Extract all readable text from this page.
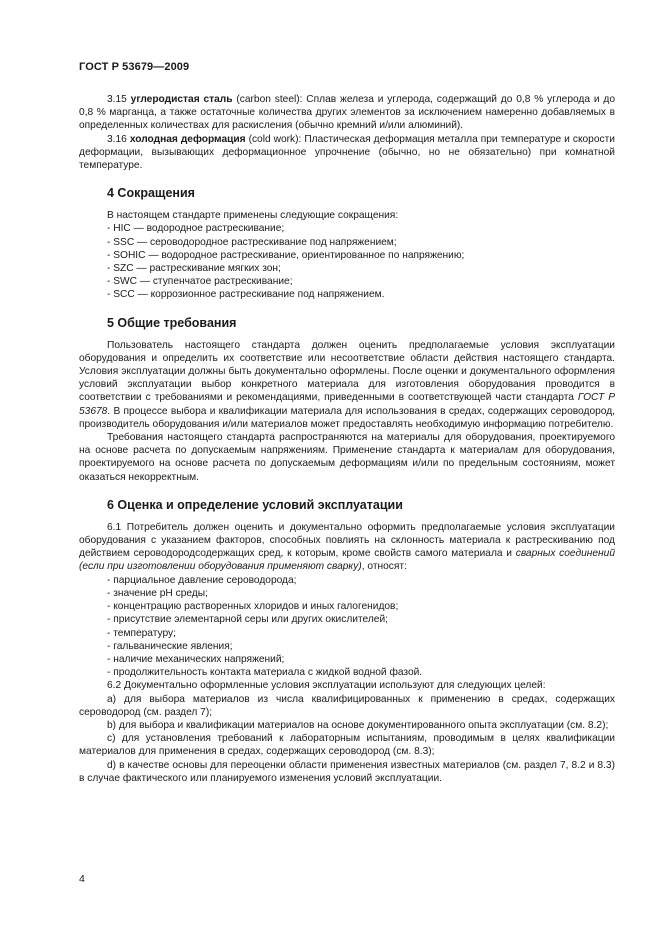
ГОСТ Р 53679—2009

3.15 углеродистая сталь (carbon steel): Сплав железа и углерода, содержащий до 0,8 % углерода и до 0,8 % марганца, а также остаточные количества других элементов за исключением намеренно добавляемых в определенных количествах для раскисления (обычно кремний и/или алюминий).

3.16 холодная деформация (cold work): Пластическая деформация металла при температуре и скорости деформации, вызывающих деформационное упрочнение (обычно, но не обязательно) при комнатной температуре.

4 Сокращения

В настоящем стандарте применены следующие сокращения:

- HIC — водородное растрескивание;
- SSC — сероводородное растрескивание под напряжением;
- SOHIC — водородное растрескивание, ориентированное по напряжению;
- SZC — растрескивание мягких зон;
- SWC — ступенчатое растрескивание;
- SCC — коррозионное растрескивание под напряжением.
5 Общие требования

Пользователь настоящего стандарта должен оценить предполагаемые условия эксплуатации оборудования и определить их соответствие или несоответствие области действия настоящего стандарта. Условия эксплуатации должны быть документально оформлены. После оценки и документального оформления условий эксплуатации выбор конкретного материала для изготовления оборудования проводится в соответствии с требованиями и рекомендациями, приведенными в соответствующей части стандарта ГОСТ Р 53678. В процессе выбора и квалификации материала для использования в средах, содержащих сероводород, производитель оборудования и/или материалов может предоставлять необходимую информацию потребителю.

Требования настоящего стандарта распространяются на материалы для оборудования, проектируемого на основе расчета по допускаемым напряжениям. Применение стандарта к материалам для оборудования, проектируемого на основе расчета по допускаемым деформациям и/или по предельным состояниям, может оказаться некорректным.

6 Оценка и определение условий эксплуатации

6.1 Потребитель должен оценить и документально оформить предполагаемые условия эксплуатации оборудования с указанием факторов, способных повлиять на склонность материала к растрескиванию под действием сероводородсодержащих сред, к которым, кроме свойств самого материала и сварных соединений (если при изготовлении оборудования применяют сварку), относят:

- парциальное давление сероводорода;
- значение рН среды;
- концентрацию растворенных хлоридов и иных галогенидов;
- присутствие элементарной серы или других окислителей;
- температуру;
- гальванические явления;
- наличие механических напряжений;
- продолжительность контакта материала с жидкой водной фазой.

6.2 Документально оформленные условия эксплуатации используют для следующих целей:

а) для выбора материалов из числа квалифицированных к применению в средах, содержащих сероводород (см. раздел 7);

b) для выбора и квалификации материалов на основе документированного опыта эксплуатации (см. 8.2);

c) для установления требований к лабораторным испытаниям, проводимым в целях квалификации материалов для применения в средах, содержащих сероводород (см. 8.3);

d) в качестве основы для переоценки области применения известных материалов (см. раздел 7, 8.2 и 8.3) в случае фактического или планируемого изменения условий эксплуатации.

4
